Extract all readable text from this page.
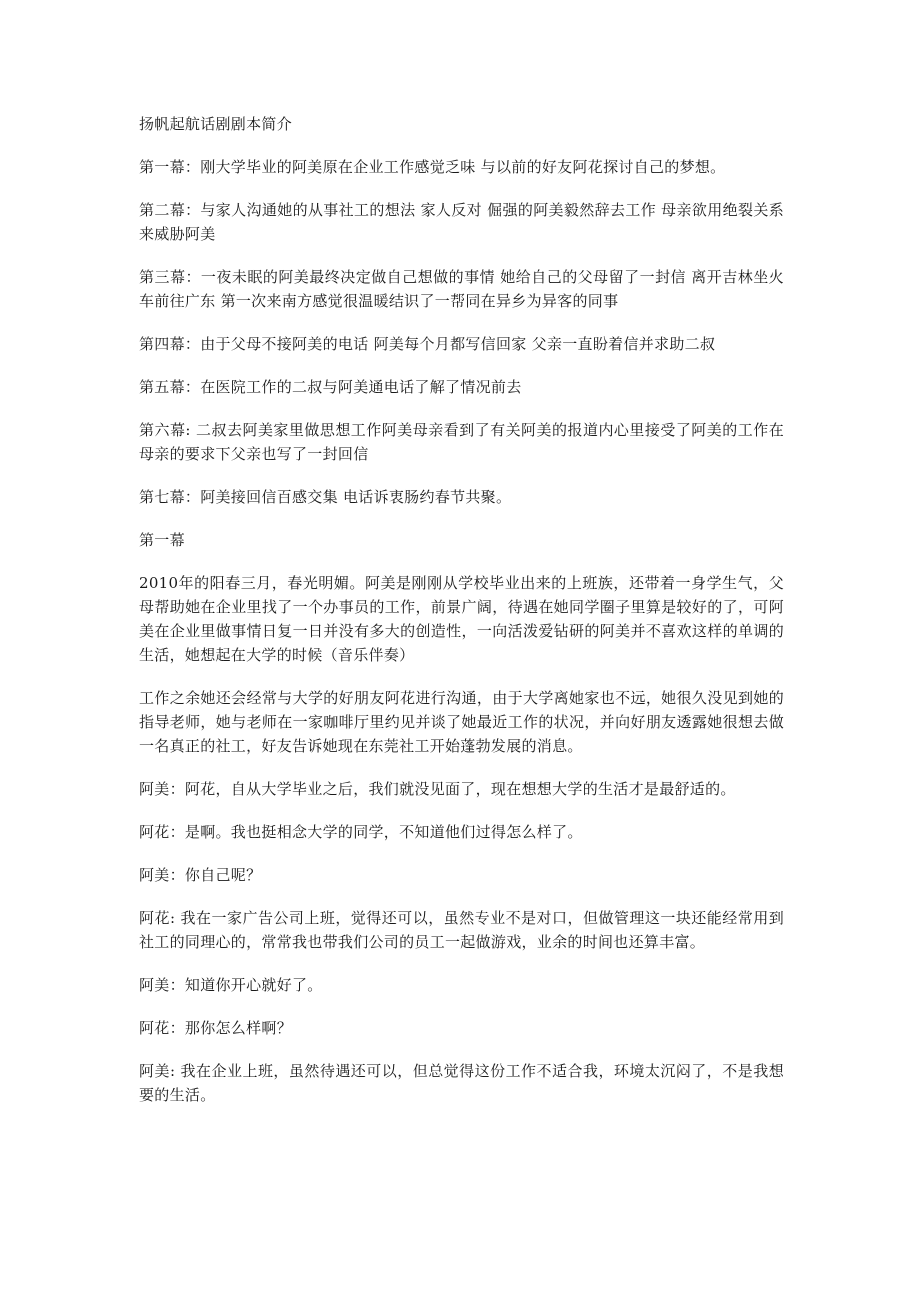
扬帆起航话剧剧本简介

第一幕：刚大学毕业的阿美原在企业工作感觉乏味 与以前的好友阿花探讨自己的梦想。

第二幕：与家人沟通她的从事社工的想法 家人反对 倔强的阿美毅然辞去工作 母亲欲用绝裂关系来威胁阿美

第三幕：一夜未眠的阿美最终决定做自己想做的事情 她给自己的父母留了一封信 离开吉林坐火车前往广东 第一次来南方感觉很温暖结识了一帮同在异乡为异客的同事

第四幕：由于父母不接阿美的电话 阿美每个月都写信回家 父亲一直盼着信并求助二叔

第五幕：在医院工作的二叔与阿美通电话了解了情况前去

第六幕: 二叔去阿美家里做思想工作阿美母亲看到了有关阿美的报道内心里接受了阿美的工作在母亲的要求下父亲也写了一封回信

第七幕：阿美接回信百感交集 电话诉衷肠约春节共聚。

第一幕

2010年的阳春三月，春光明媚。阿美是刚刚从学校毕业出来的上班族，还带着一身学生气，父母帮助她在企业里找了一个办事员的工作，前景广阔，待遇在她同学圈子里算是较好的了，可阿美在企业里做事情日复一日并没有多大的创造性，一向活泼爱钻研的阿美并不喜欢这样的单调的生活，她想起在大学的时候（音乐伴奏）

工作之余她还会经常与大学的好朋友阿花进行沟通，由于大学离她家也不远，她很久没见到她的指导老师，她与老师在一家咖啡厅里约见并谈了她最近工作的状况，并向好朋友透露她很想去做一名真正的社工，好友告诉她现在东莞社工开始蓬勃发展的消息。

阿美：阿花，自从大学毕业之后，我们就没见面了，现在想想大学的生活才是最舒适的。

阿花：是啊。我也挺相念大学的同学，不知道他们过得怎么样了。

阿美：你自己呢？

阿花: 我在一家广告公司上班，觉得还可以，虽然专业不是对口，但做管理这一块还能经常用到社工的同理心的，常常我也带我们公司的员工一起做游戏，业余的时间也还算丰富。

阿美：知道你开心就好了。

阿花：那你怎么样啊？

阿美: 我在企业上班，虽然待遇还可以，但总觉得这份工作不适合我，环境太沉闷了，不是我想要的生活。
